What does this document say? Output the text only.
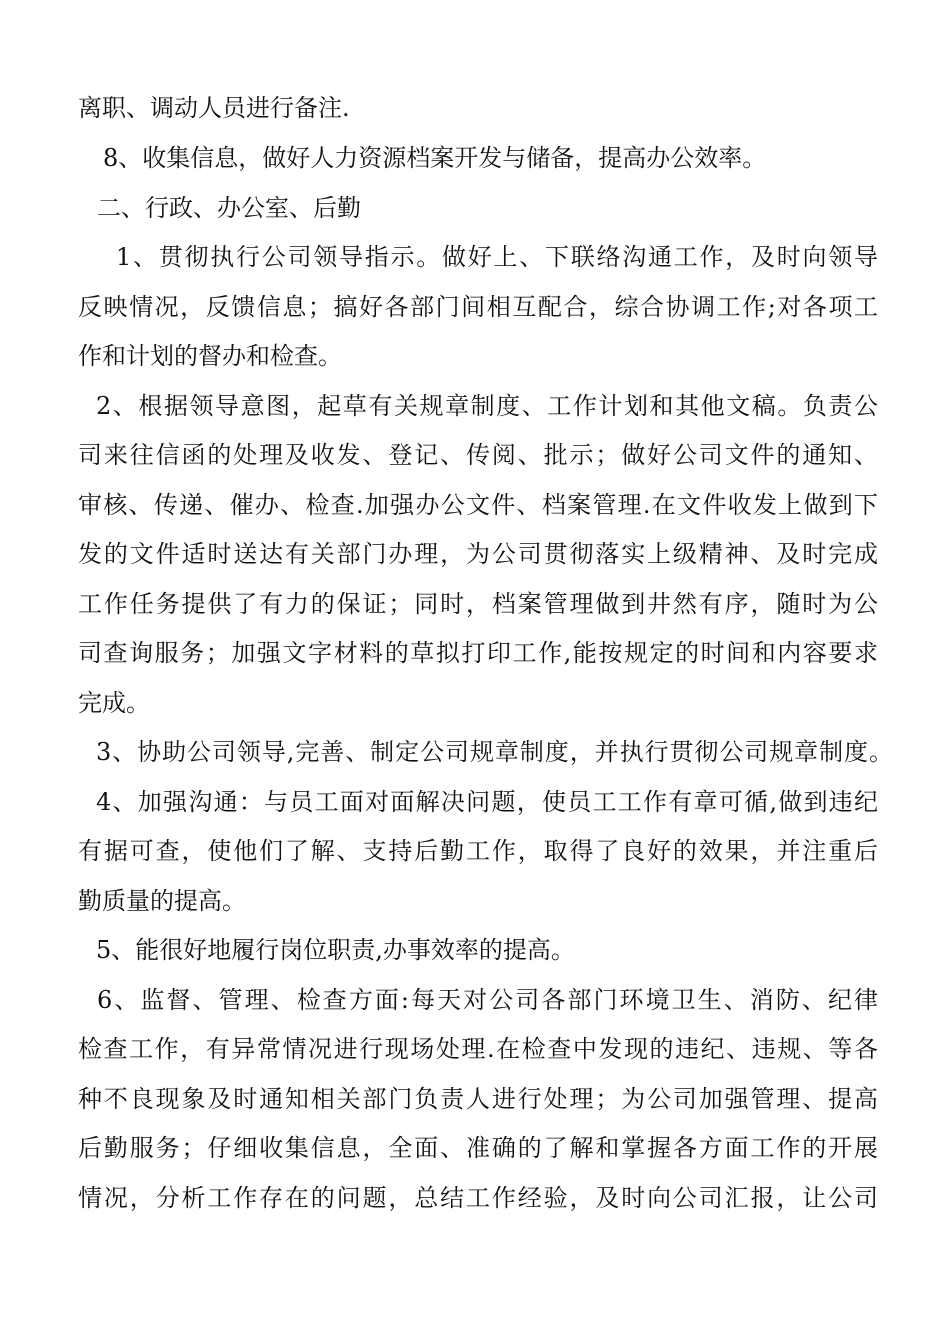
离职、调动人员进行备注.
8、收集信息，做好人力资源档案开发与储备，提高办公效率。
二、行政、办公室、后勤
1、贯彻执行公司领导指示。做好上、下联络沟通工作，及时向领导
反映情况，反馈信息；搞好各部门间相互配合，综合协调工作;对各项工
作和计划的督办和检查。
2、根据领导意图，起草有关规章制度、工作计划和其他文稿。负责公
司来往信函的处理及收发、登记、传阅、批示；做好公司文件的通知、
审核、传递、催办、检查.加强办公文件、档案管理.在文件收发上做到下
发的文件适时送达有关部门办理，为公司贯彻落实上级精神、及时完成
工作任务提供了有力的保证；同时，档案管理做到井然有序，随时为公
司查询服务；加强文字材料的草拟打印工作,能按规定的时间和内容要求
完成。
3、协助公司领导,完善、制定公司规章制度，并执行贯彻公司规章制度。
4、加强沟通：与员工面对面解决问题，使员工工作有章可循,做到违纪
有据可查，使他们了解、支持后勤工作，取得了良好的效果，并注重后
勤质量的提高。
5、能很好地履行岗位职责,办事效率的提高。
6、监督、管理、检查方面:每天对公司各部门环境卫生、消防、纪律
检查工作，有异常情况进行现场处理.在检查中发现的违纪、违规、等各
种不良现象及时通知相关部门负责人进行处理；为公司加强管理、提高
后勤服务；仔细收集信息，全面、准确的了解和掌握各方面工作的开展
情况，分析工作存在的问题，总结工作经验，及时向公司汇报，让公司
